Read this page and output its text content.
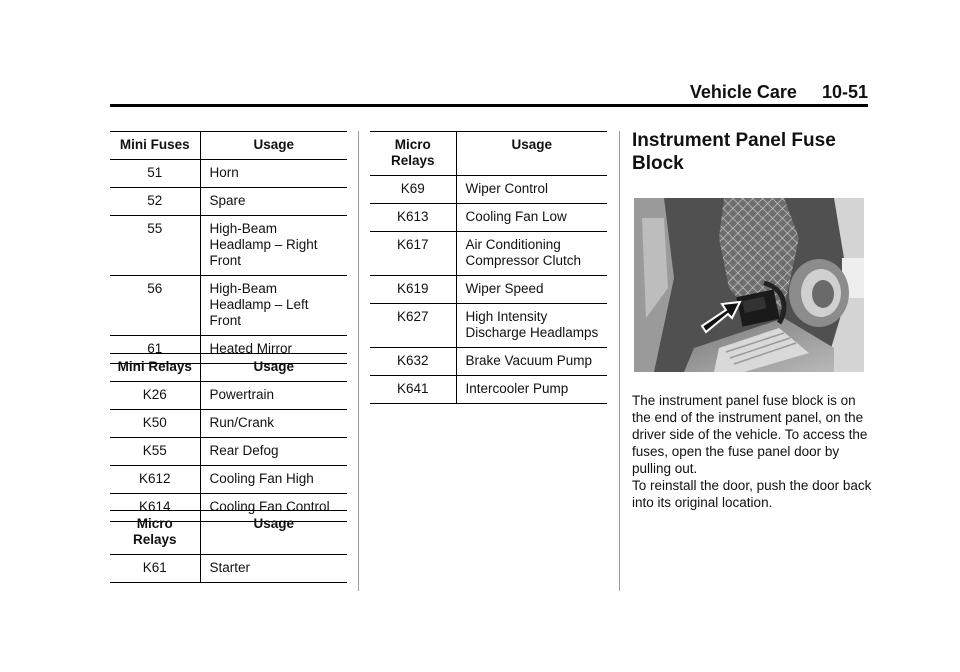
Vehicle Care 10-51
Mini Fuses	Usage
51	Horn
52	Spare
55	High-Beam Headlamp – Right Front
56	High-Beam Headlamp – Left Front
61	Heated Mirror
Mini Relays	Usage
K26	Powertrain
K50	Run/Crank
K55	Rear Defog
K612	Cooling Fan High
K614	Cooling Fan Control
Micro Relays	Usage
K61	Starter
Micro Relays	Usage
K69	Wiper Control
K613	Cooling Fan Low
K617	Air Conditioning Compressor Clutch
K619	Wiper Speed
K627	High Intensity Discharge Headlamps
K632	Brake Vacuum Pump
K641	Intercooler Pump
Instrument Panel Fuse Block
The instrument panel fuse block is on the end of the instrument panel, on the driver side of the vehicle. To access the fuses, open the fuse panel door by pulling out.
To reinstall the door, push the door back into its original location.
